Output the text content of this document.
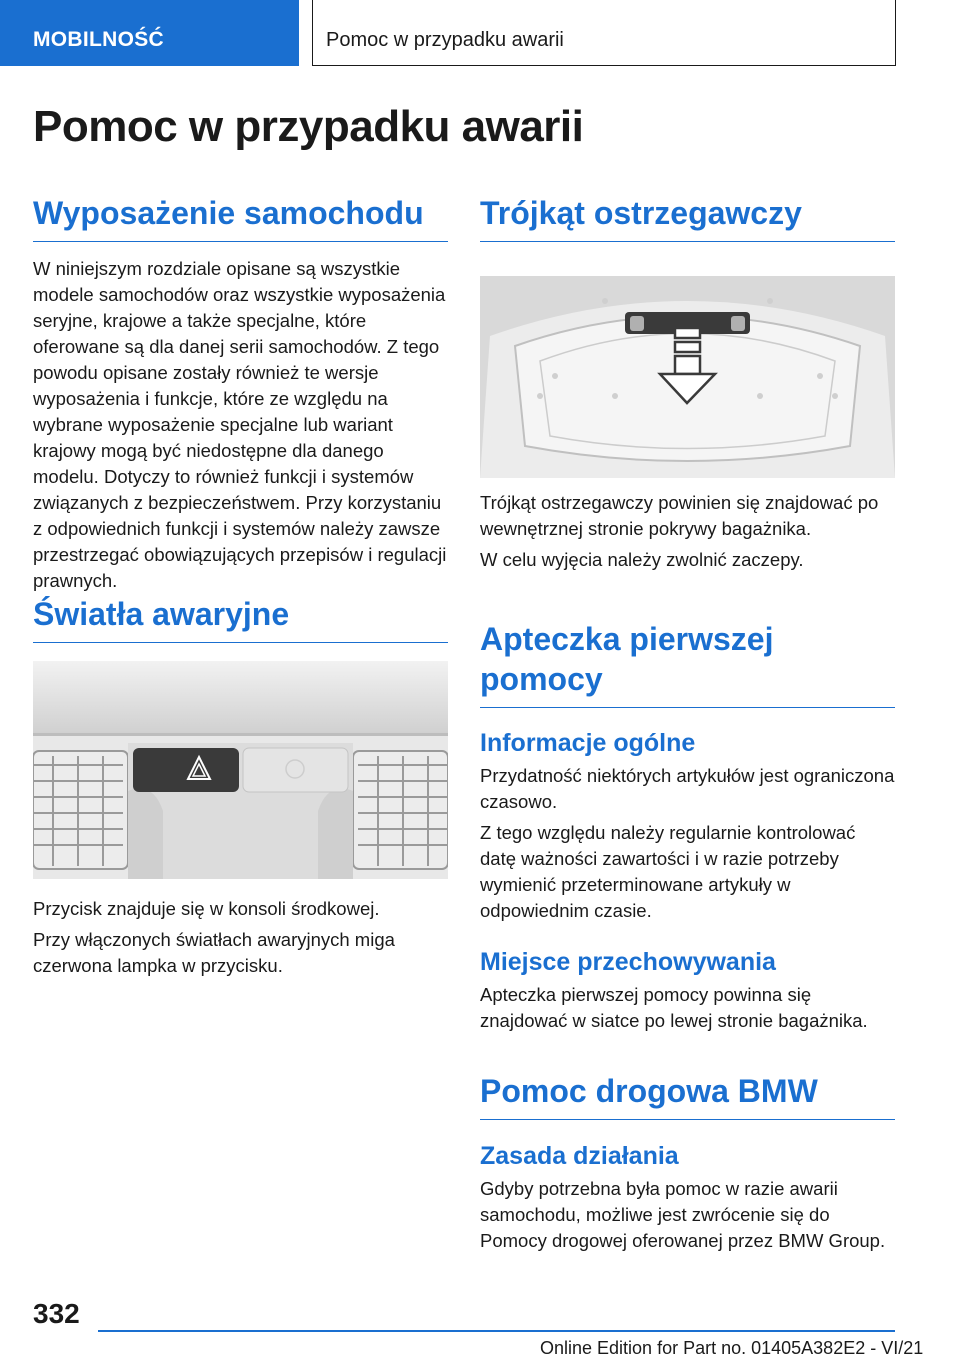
MOBILNOŚĆ	Pomoc w przypadku awarii
Pomoc w przypadku awarii
Wyposażenie samochodu

W niniejszym rozdziale opisane są wszystkie modele samochodów oraz wszystkie wyposażenia seryjne, krajowe a także specjalne, które oferowane są dla danej serii samochodów. Z tego powodu opisane zostały również te wersje wyposażenia i funkcje, które ze względu na wybrane wyposażenie specjalne lub wariant krajowy mogą być niedostępne dla danego modelu. Dotyczy to również funkcji i systemów związanych z bezpieczeństwem. Przy korzystaniu z odpowiednich funkcji i systemów należy zawsze przestrzegać obowiązujących przepisów i regulacji prawnych.

Światła awaryjne

Przycisk znajduje się w konsoli środkowej.

Przy włączonych światłach awaryjnych miga czerwona lampka w przycisku.

Trójkąt ostrzegawczy

Trójkąt ostrzegawczy powinien się znajdować po wewnętrznej stronie pokrywy bagażnika.

W celu wyjęcia należy zwolnić zaczepy.

Apteczka pierwszej pomocy
Informacje ogólne

Przydatność niektórych artykułów jest ograniczona czasowo.

Z tego względu należy regularnie kontrolować datę ważności zawartości i w razie potrzeby wymienić przeterminowane artykuły w odpowiednim czasie.

Miejsce przechowywania

Apteczka pierwszej pomocy powinna się znajdować w siatce po lewej stronie bagażnika.

Pomoc drogowa BMW
Zasada działania

Gdyby potrzebna była pomoc w razie awarii samochodu, możliwe jest zwrócenie się do Pomocy drogowej oferowanej przez BMW Group.

332
Online Edition for Part no. 01405A382E2 - VI/21
